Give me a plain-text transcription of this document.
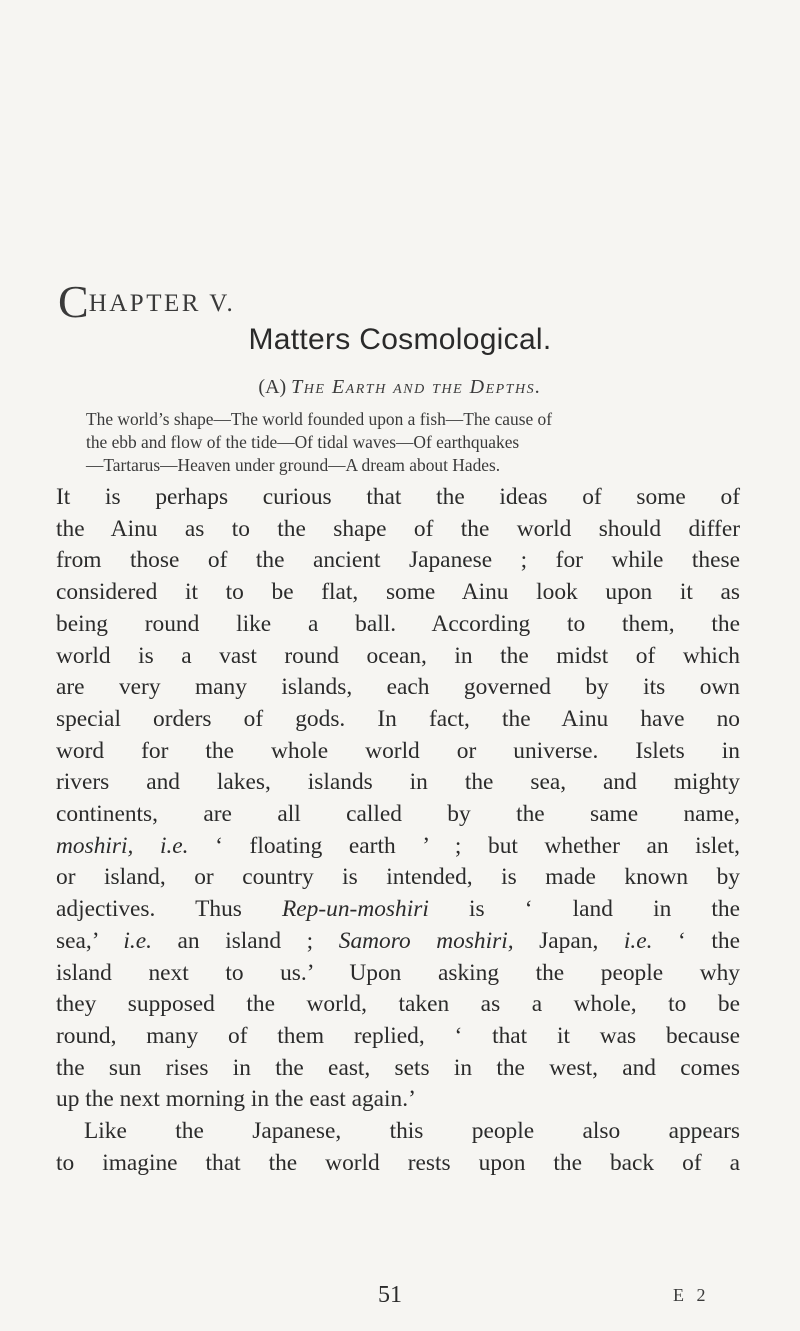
CHAPTER V.
Matters Cosmological.
(A) The Earth and the Depths.
The world’s shape—The world founded upon a fish—The cause of
the ebb and flow of the tide—Of tidal waves—Of earthquakes
—Tartarus—Heaven under ground—A dream about Hades.
It is perhaps curious that the ideas of some of
the Ainu as to the shape of the world should differ
from those of the ancient Japanese ; for while these
considered it to be flat, some Ainu look upon it as
being round like a ball. According to them, the
world is a vast round ocean, in the midst of which
are very many islands, each governed by its own
special orders of gods. In fact, the Ainu have no
word for the whole world or universe. Islets in
rivers and lakes, islands in the sea, and mighty
continents, are all called by the same name,
moshiri, i.e. ‘ floating earth ’ ; but whether an islet,
or island, or country is intended, is made known by
adjectives. Thus Rep-un-moshiri is ‘ land in the
sea,’ i.e. an island ; Samoro moshiri, Japan, i.e. ‘ the
island next to us.’ Upon asking the people why
they supposed the world, taken as a whole, to be
round, many of them replied, ‘ that it was because
the sun rises in the east, sets in the west, and comes
up the next morning in the east again.’
Like the Japanese, this people also appears
to imagine that the world rests upon the back of a
51	E 2
